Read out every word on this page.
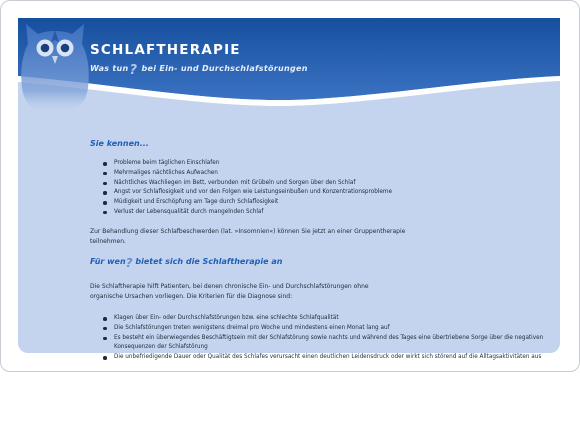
SCHLAFTHERAPIE
Was tun? bei Ein- und Durchschlafstörungen
Sie kennen...
Probleme beim täglichen Einschlafen
Mehrmaliges nächtliches Aufwachen
Nächtliches Wachliegen im Bett, verbunden mit Grübeln und Sorgen über den Schlaf
Angst vor Schlaflosigkeit und vor den Folgen wie Leistungseinbußen und Konzentrationsprobleme
Müdigkeit und Erschöpfung am Tage durch Schlaflosigkeit
Verlust der Lebensqualität durch mangelnden Schlaf

Zur Behandlung dieser Schlafbeschwerden (lat. »Insomnien«) können Sie jetzt an einer Gruppentherapie teilnehmen.

Für wen? bietet sich die Schlaftherapie an

Die Schlaftherapie hilft Patienten, bei denen chronische Ein- und Durchschlafstörungen ohne organische Ursachen vorliegen. Die Kriterien für die Diagnose sind:

Klagen über Ein- oder Durchschlafstörungen bzw. eine schlechte Schlafqualität
Die Schlafstörungen treten wenigstens dreimal pro Woche und mindestens einen Monat lang auf
Es besteht ein überwiegendes Beschäftigtsein mit der Schlafstörung sowie nachts und während des Tages eine übertriebene Sorge über die negativen Konsequenzen der Schlafstörung
Die unbefriedigende Dauer oder Qualität des Schlafes verursacht einen deutlichen Leidensdruck oder wirkt sich störend auf die Alltagsaktivitäten aus
